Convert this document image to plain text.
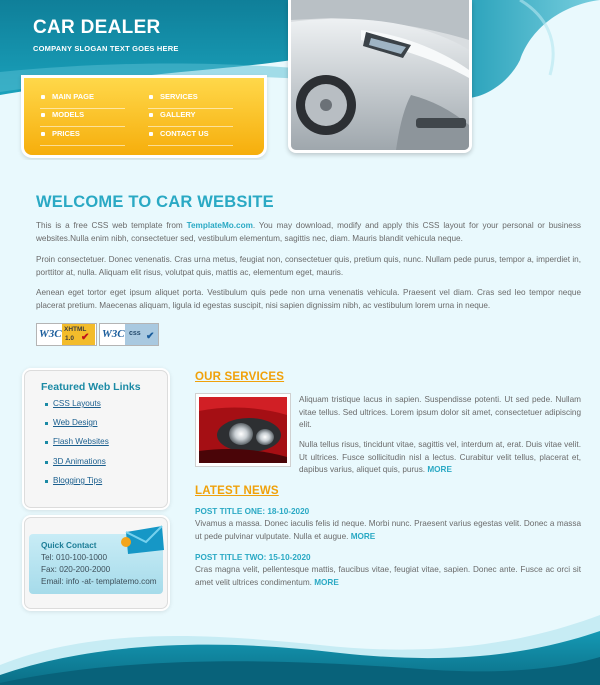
CAR DEALER
COMPANY SLOGAN TEXT GOES HERE
MAIN PAGE	SERVICES
MODELS	GALLERY
PRICES	CONTACT US
WELCOME TO CAR WEBSITE

This is a free CSS web template from TemplateMo.com. You may download, modify and apply this CSS layout for your personal or business websites.Nulla enim nibh, consectetuer sed, vestibulum elementum, sagittis nec, diam. Mauris blandit vehicula neque.

Proin consectetuer. Donec venenatis. Cras urna metus, feugiat non, consectetuer quis, pretium quis, nunc. Nullam pede purus, tempor a, imperdiet in, porttitor at, nulla. Aliquam elit risus, volutpat quis, mattis ac, elementum eget, mauris.

Aenean eget tortor eget ipsum aliquet porta. Vestibulum quis pede non urna venenatis vehicula. Praesent vel diam. Cras sed leo tempor neque placerat pretium. Maecenas aliquam, ligula id egestas suscipit, nisi sapien dignissim nibh, ac vestibulum lorem urna in neque.

W3C XHTML
1.0 ✔ W3C css ✔
Featured Web Links
CSS Layouts
Web Design
Flash Websites
3D Animations
Blogging Tips
Quick Contact
Tel: 010-100-1000
Fax: 020-200-2000
Email: info -at- templatemo.com
OUR SERVICES

Aliquam tristique lacus in sapien. Suspendisse potenti. Ut sed pede. Nullam vitae tellus. Sed ultrices. Lorem ipsum dolor sit amet, consectetuer adipiscing elit.

Nulla tellus risus, tincidunt vitae, sagittis vel, interdum at, erat. Duis vitae velit. Ut ultrices. Fusce sollicitudin nisl a lectus. Curabitur velit tellus, placerat et, dapibus varius, aliquet quis, purus. MORE

LATEST NEWS
POST TITLE ONE: 18-10-2020

Vivamus a massa. Donec iaculis felis id neque. Morbi nunc. Praesent varius egestas velit. Donec a massa ut pede pulvinar vulputate. Nulla et augue. MORE

POST TITLE TWO: 15-10-2020

Cras magna velit, pellentesque mattis, faucibus vitae, feugiat vitae, sapien. Donec ante. Fusce ac orci sit amet velit ultrices condimentum. MORE
